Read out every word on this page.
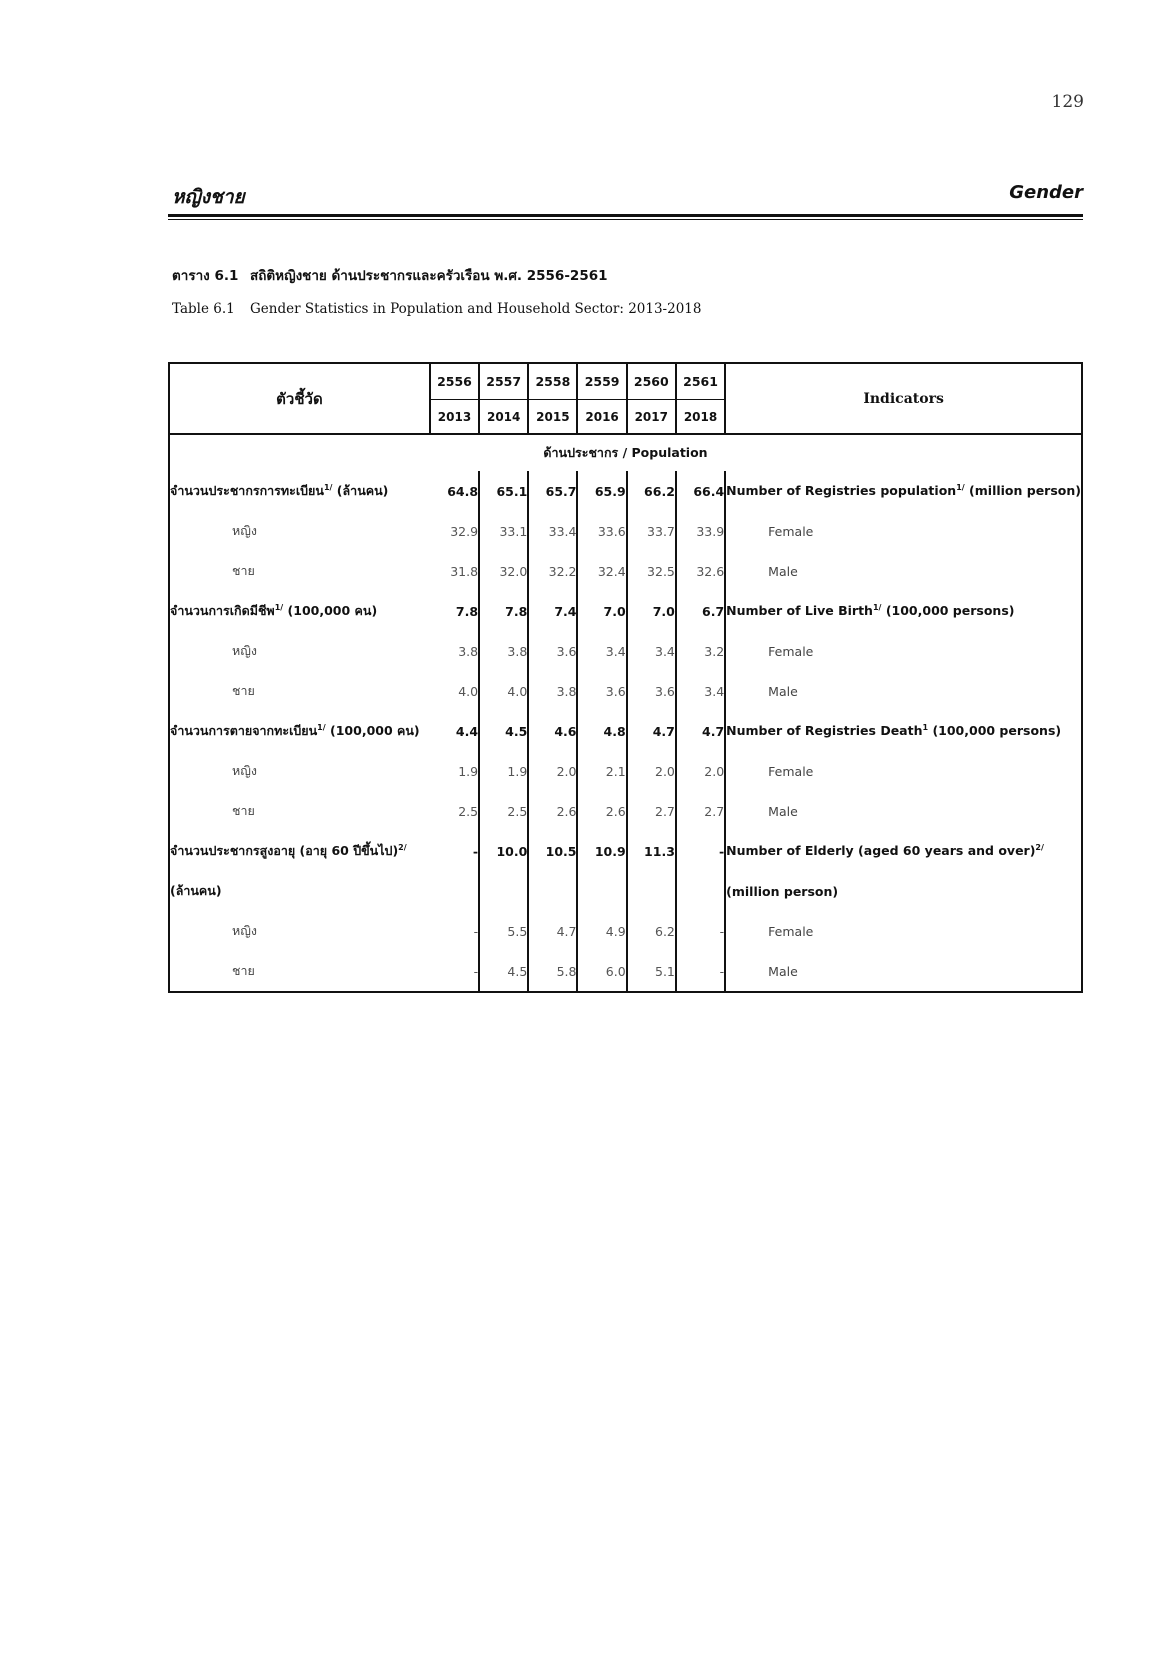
129
หญิงชาย	Gender
ตาราง 6.1 สถิติหญิงชาย ด้านประชากรและครัวเรือน พ.ศ. 2556-2561
Table 6.1 Gender Statistics in Population and Household Sector: 2013-2018
ตัวชี้วัด	2556	2557	2558	2559	2560	2561	Indicators
	2013	2014	2015	2016	2017	2018	
ด้านประชากร / Population							
จำนวนประชากรการทะเบียน$^{1/}$ (ล้านคน)	64.8	65.1	65.7	65.9	66.2	66.4	Number of Registries population$^{1/}$ (million person)
หญิง	32.9	33.1	33.4	33.6	33.7	33.9	Female
ชาย	31.8	32.0	32.2	32.4	32.5	32.6	Male
จำนวนการเกิดมีชีพ$^{1/}$ (100,000 คน)	7.8	7.8	7.4	7.0	7.0	6.7	Number of Live Birth$^{1/}$ (100,000 persons)
หญิง	3.8	3.8	3.6	3.4	3.4	3.2	Female
ชาย	4.0	4.0	3.8	3.6	3.6	3.4	Male
จำนวนการตายจากทะเบียน$^{1/}$ (100,000 คน)	4.4	4.5	4.6	4.8	4.7	4.7	Number of Registries Death$^1$ (100,000 persons)
หญิง	1.9	1.9	2.0	2.1	2.0	2.0	Female
ชาย	2.5	2.5	2.6	2.6	2.7	2.7	Male
จำนวนประชากรสูงอายุ (อายุ 60 ปีขึ้นไป)$^{2/}$	-	10.0	10.5	10.9	11.3	-	Number of Elderly (aged 60 years and over)$^{2/}$
(ล้านคน)							(million person)
หญิง	-	5.5	4.7	4.9	6.2	-	Female
ชาย	-	4.5	5.8	6.0	5.1	-	Male
